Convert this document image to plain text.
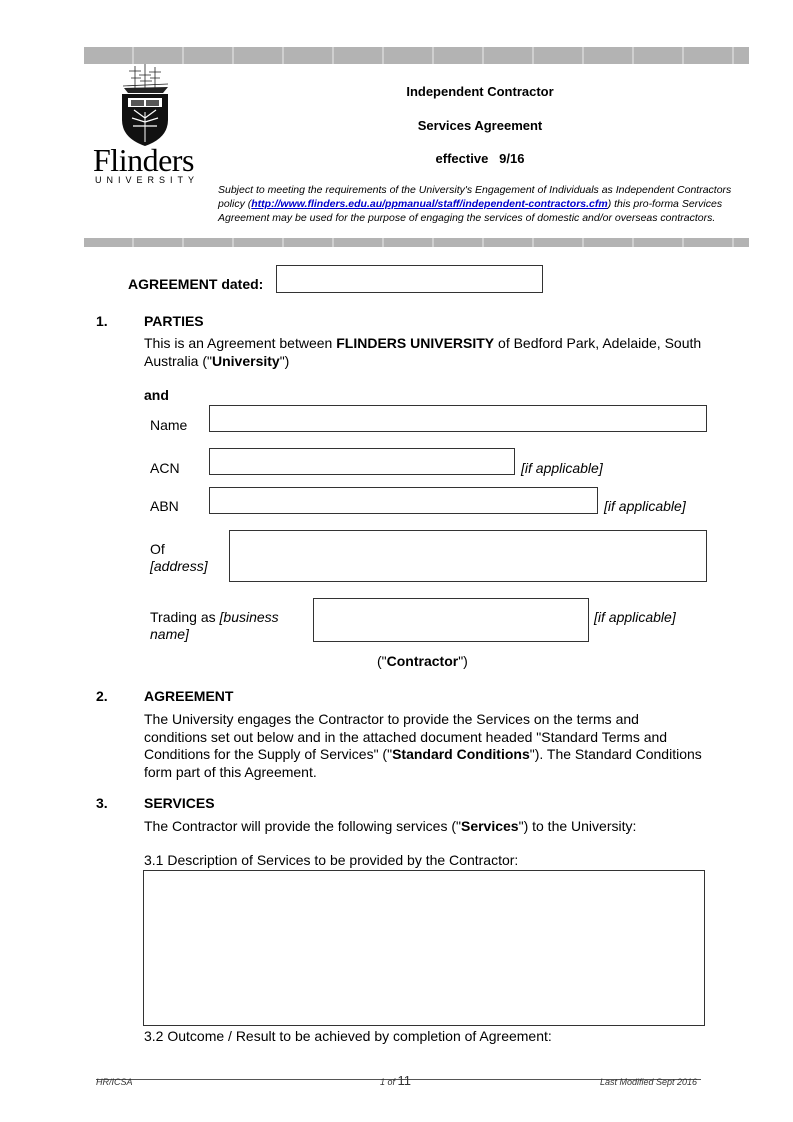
Flinders
UNIVERSITY
Independent Contractor
Services Agreement
effective 9/16
Subject to meeting the requirements of the University's Engagement of Individuals as Independent Contractors policy (http://www.flinders.edu.au/ppmanual/staff/independent-contractors.cfm) this pro-forma Services Agreement may be used for the purpose of engaging the services of domestic and/or overseas contractors.
AGREEMENT dated:
1.	PARTIES
This is an Agreement between FLINDERS UNIVERSITY of Bedford Park, Adelaide, South Australia ("University")
and
Name
ACN	[if applicable]
ABN	[if applicable]
Of
[address]
Trading as [business name]
[if applicable]
("Contractor")
2.	AGREEMENT
The University engages the Contractor to provide the Services on the terms and conditions set out below and in the attached document headed "Standard Terms and Conditions for the Supply of Services" ("Standard Conditions"). The Standard Conditions form part of this Agreement.
3.	SERVICES
The Contractor will provide the following services ("Services") to the University:
3.1 Description of Services to be provided by the Contractor:
3.2 Outcome / Result to be achieved by completion of Agreement:
HR/ICSA	1 of 11	Last Modified Sept 2016
